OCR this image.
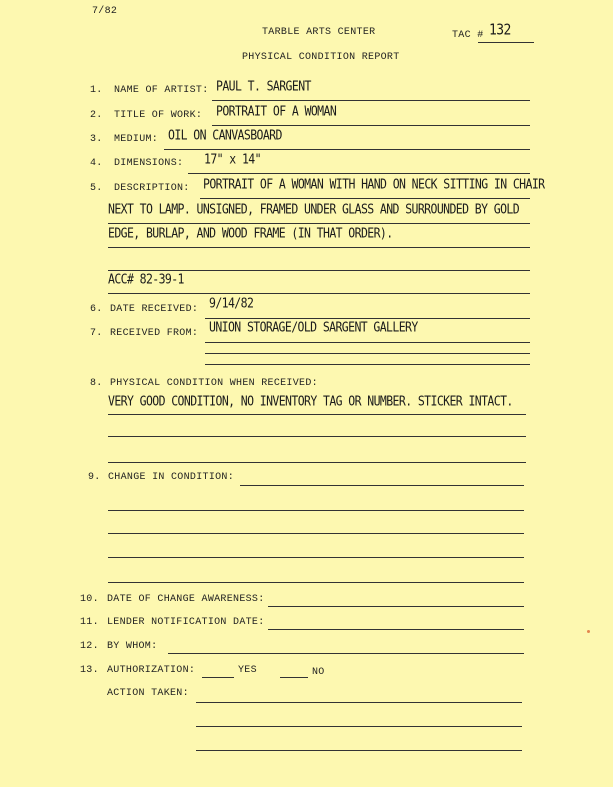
7/82
TARBLE ARTS CENTER
PHYSICAL CONDITION REPORT
TAC # 132
1. NAME OF ARTIST: PAUL T. SARGENT
2. TITLE OF WORK: PORTRAIT OF A WOMAN
3. MEDIUM: OIL ON CANVASBOARD
4. DIMENSIONS: 17" x 14"
5. DESCRIPTION: PORTRAIT OF A WOMAN WITH HAND ON NECK SITTING IN CHAIR
NEXT TO LAMP. UNSIGNED, FRAMED UNDER GLASS AND SURROUNDED BY GOLD
EDGE, BURLAP, AND WOOD FRAME (IN THAT ORDER).
ACC# 82-39-1
6. DATE RECEIVED: 9/14/82
7. RECEIVED FROM: UNION STORAGE/OLD SARGENT GALLERY
8. PHYSICAL CONDITION WHEN RECEIVED:
VERY GOOD CONDITION, NO INVENTORY TAG OR NUMBER. STICKER INTACT.
9. CHANGE IN CONDITION:
10. DATE OF CHANGE AWARENESS:
11. LENDER NOTIFICATION DATE:
12. BY WHOM:
13. AUTHORIZATION:	YES	NO
ACTION TAKEN:
